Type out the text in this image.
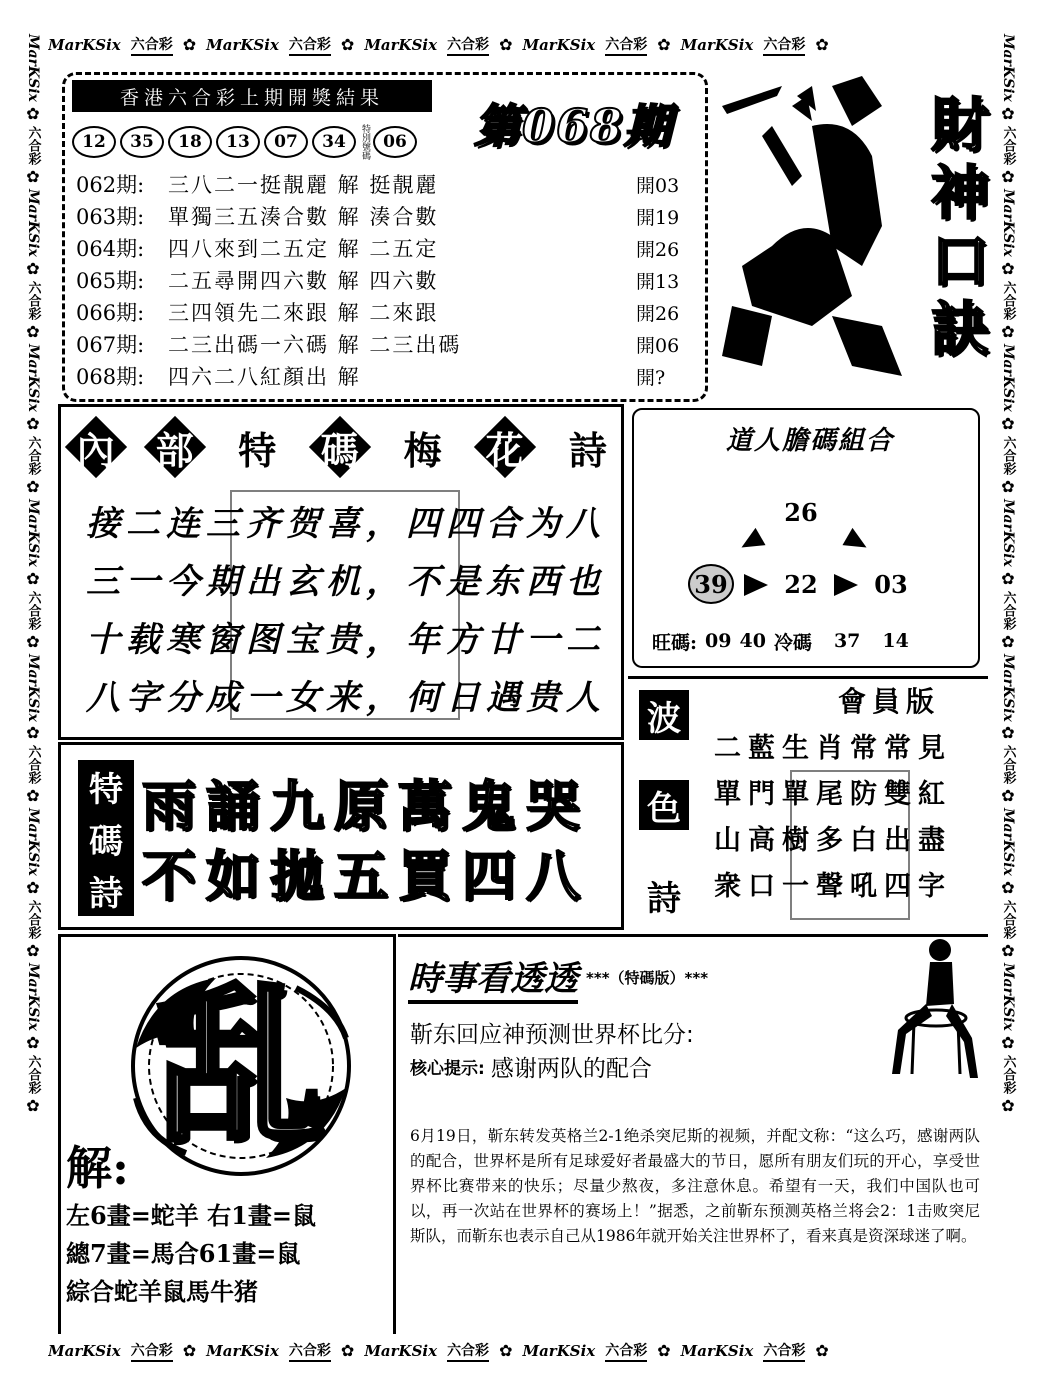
MarKSix 六合彩 ✿ MarKSix 六合彩 ✿ MarKSix 六合彩 ✿ MarKSix 六合彩 ✿ MarKSix 六合彩 ✿
MarKSix 六合彩 ✿ MarKSix 六合彩 ✿ MarKSix 六合彩 ✿ MarKSix 六合彩 ✿ MarKSix 六合彩 ✿
MarKSix
✿
六合彩
✿
MarKSix
✿
六合彩
✿
MarKSix
✿
六合彩
✿
MarKSix
✿
六合彩
✿
MarKSix
✿
六合彩
✿
MarKSix
✿
六合彩
✿
MarKSix
✿
六合彩
✿
MarKSix
✿
六合彩
✿
MarKSix
✿
六合彩
✿
MarKSix
✿
六合彩
✿
MarKSix
✿
六合彩
✿
MarKSix
✿
六合彩
✿
MarKSix
✿
六合彩
✿
MarKSix
✿
六合彩
✿
香港六合彩上期開獎結果
12	35	18	13	07	34	特別號碼 06 第068期
062期:	三八二一挺靚麗 解 挺靚麗	開03
063期:	單獨三五湊合數 解 湊合數	開19
064期:	四八來到二五定 解 二五定	開26
065期:	二五尋開四六數 解 四六數	開13
066期:	三四領先二來跟 解 二來跟	開26
067期:	二三出碼一六碼 解 二三出碼	開06
068期:	四六二八紅顏出 解	開?
財神口訣
內 部 特 碼 梅 花 詩
接二连三齐贺喜，四四合为八
三一今期出玄机，不是东西也
十载寒窗图宝贵，年方廿一二
八字分成一女来，何日遇贵人
道人膽碼組合
26
39 22 03
旺碼: 09 40 冷碼 37 14
特
碼
詩
雨誦九原萬鬼哭
不如拋五買四八
波
色
詩
會員版
二藍生肖常常見
單門單尾防雙紅
山高樹多白出盡
衆口一聲吼四字
乱
解:
左6畫=蛇羊 右1畫=鼠
總7畫=馬合61畫=鼠
綜合蛇羊鼠馬牛猪
時事看透透 ***（特碼版）***
靳东回应神预测世界杯比分:
核心提示: 感谢两队的配合
6月19日，靳东转发英格兰2-1绝杀突尼斯的视频，并配文称：“这么巧，感谢两队的配合，世界杯是所有足球爱好者最盛大的节日，愿所有朋友们玩的开心，享受世界杯比赛带来的快乐；尽量少熬夜，多注意休息。希望有一天，我们中国队也可以，再一次站在世界杯的赛场上！”据悉，之前靳东预测英格兰将会2：1击败突尼斯队，而靳东也表示自己从1986年就开始关注世界杯了，看来真是资深球迷了啊。
